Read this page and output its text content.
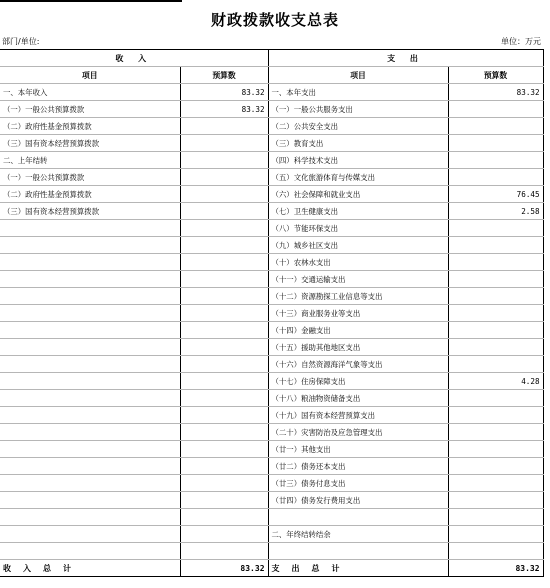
财政拨款收支总表
部门/单位:	单位：万元
收 入		支 出	
项目	预算数	项目	预算数
一、本年收入	83.32	一、本年支出	83.32
（一）一般公共预算拨款	83.32	（一）一般公共服务支出	
（二）政府性基金预算拨款		（二）公共安全支出	
（三）国有资本经营预算拨款		（三）教育支出	
二、上年结转		（四）科学技术支出	
（一）一般公共预算拨款		（五）文化旅游体育与传媒支出	
（二）政府性基金预算拨款		（六）社会保障和就业支出	76.45
（三）国有资本经营预算拨款		（七）卫生健康支出	2.58
		（八）节能环保支出	
		（九）城乡社区支出	
		（十）农林水支出	
		（十一）交通运输支出	
		（十二）资源勘探工业信息等支出	
		（十三）商业服务业等支出	
		（十四）金融支出	
		（十五）援助其他地区支出	
		（十六）自然资源海洋气象等支出	
		（十七）住房保障支出	4.28
		（十八）粮油物资储备支出	
		（十九）国有资本经营预算支出	
		（二十）灾害防治及应急管理支出	
		（廿一）其他支出	
		（廿二）债务还本支出	
		（廿三）债务付息支出	
		（廿四）债务发行费用支出	

		二、年终结转结余	

收入总计	83.32	支出总计	83.32
